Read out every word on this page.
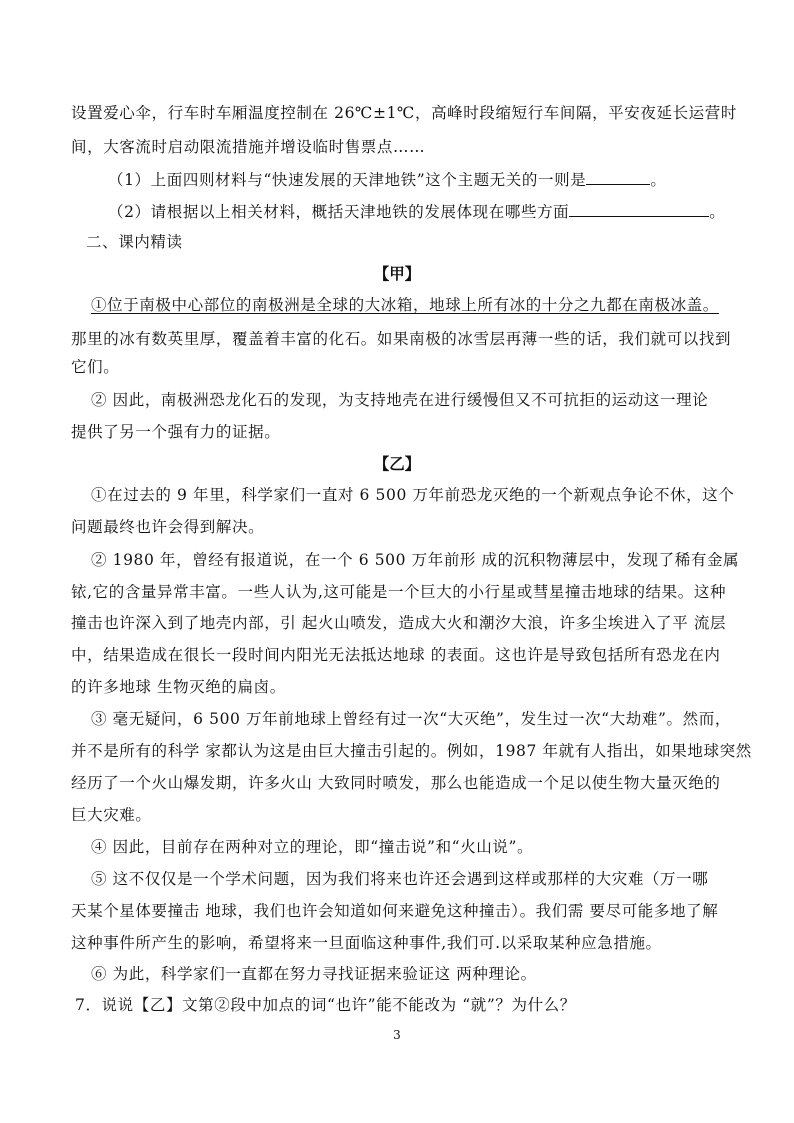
设置爱心伞，行车时车厢温度控制在 26℃±1℃，高峰时段缩短行车间隔，平安夜延长运营时
间，大客流时启动限流措施并增设临时售票点……
（1）上面四则材料与“快速发展的天津地铁”这个主题无关的一则是	。
（2）请根据以上相关材料，概括天津地铁的发展体现在哪些方面	。
二、课内精读
【甲】
①位于南极中心部位的南极洲是全球的大冰箱，地球上所有冰的十分之九都在南极冰盖。
那里的冰有数英里厚，覆盖着丰富的化石。如果南极的冰雪层再薄一些的话，我们就可以找到
它们。
② 因此，南极洲恐龙化石的发现，为支持地壳在进行缓慢但又不可抗拒的运动这一理论
提供了另一个强有力的证据。
【乙】
①在过去的 9 年里，科学家们一直对 6 500 万年前恐龙灭绝的一个新观点争论不休，这个
问题最终也许会得到解决。
② 1980 年，曾经有报道说，在一个 6 500 万年前形 成的沉积物薄层中，发现了稀有金属
铱,它的含量异常丰富。一些人认为,这可能是一个巨大的小行星或彗星撞击地球的结果。这种
撞击也许深入到了地壳内部，引 起火山喷发，造成大火和潮汐大浪，许多尘埃进入了平 流层
中，结果造成在很长一段时间内阳光无法抵达地球 的表面。这也许是导致包括所有恐龙在内
的许多地球 生物灭绝的扁卤。
③ 毫无疑问，6 500 万年前地球上曾经有过一次“大灭绝”，发生过一次“大劫难”。然而，
并不是所有的科学 家都认为这是由巨大撞击引起的。例如，1987 年就有人指出，如果地球突然
经历了一个火山爆发期，许多火山 大致同时喷发，那么也能造成一个足以使生物大量灭绝的
巨大灾难。
④ 因此，目前存在两种对立的理论，即“撞击说”和“火山说”。
⑤ 这不仅仅是一个学术问题，因为我们将来也许还会遇到这样或那样的大灾难（万一哪
天某个星体要撞击 地球，我们也许会知道如何来避免这种撞击）。我们需 要尽可能多地了解
这种事件所产生的影响，希望将来一旦面临这种事件,我们可.以采取某种应急措施。
⑥ 为此，科学家们一直都在努力寻找证据来验证这 两种理论。
7．说说【乙】文第②段中加点的词“也许”能不能改为 “就”？为什么？
3
